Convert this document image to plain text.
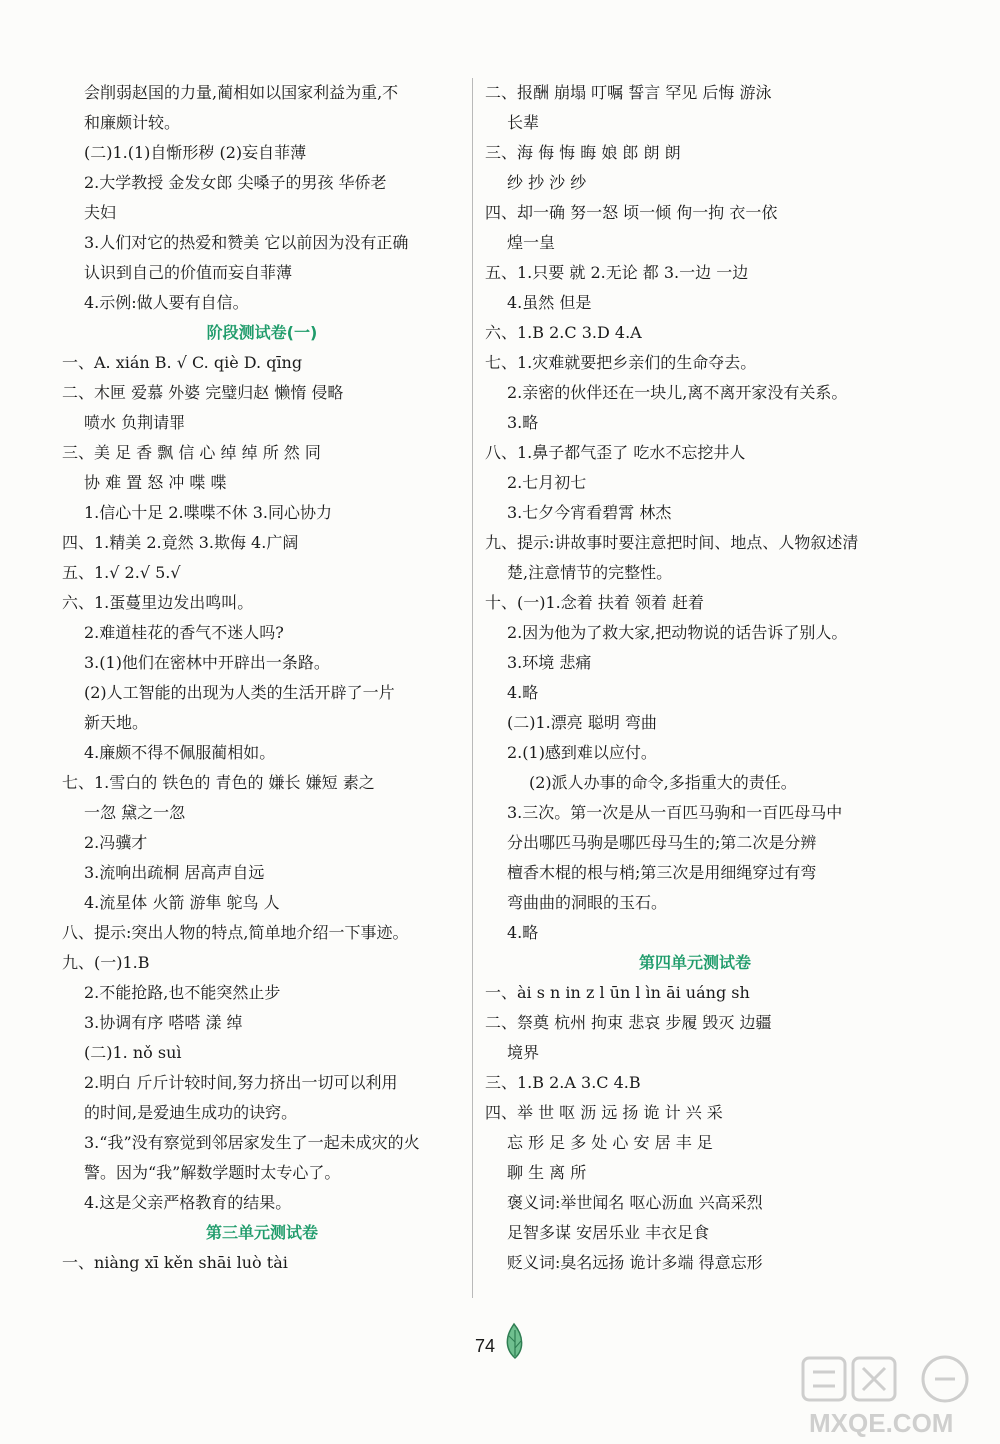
会削弱赵国的力量,蔺相如以国家利益为重,不
和廉颇计较。
(二)1.(1)自惭形秽 (2)妄自菲薄
2.大学教授 金发女郎 尖嗓子的男孩 华侨老
夫妇
3.人们对它的热爱和赞美 它以前因为没有正确
认识到自己的价值而妄自菲薄
4.示例:做人要有自信。
阶段测试卷(一)
一、A. xián B. √ C. qiè D. qīng
二、木匣 爱慕 外婆 完璧归赵 懒惰 侵略
喷水 负荆请罪
三、美 足 香 飘 信 心 绰 绰 所 然 同
协 难 置 怒 冲 喋 喋
1.信心十足 2.喋喋不休 3.同心协力
四、1.精美 2.竟然 3.欺侮 4.广阔
五、1.√ 2.√ 5.√
六、1.蛋蔓里边发出鸣叫。
2.难道桂花的香气不迷人吗?
3.(1)他们在密林中开辟出一条路。
(2)人工智能的出现为人类的生活开辟了一片
新天地。
4.廉颇不得不佩服蔺相如。
七、1.雪白的 铁色的 青色的 嫌长 嫌短 素之
一忽 黛之一忽
2.冯骥才
3.流响出疏桐 居高声自远
4.流星体 火箭 游隼 鸵鸟 人
八、提示:突出人物的特点,简单地介绍一下事迹。
九、(一)1.B
2.不能抢路,也不能突然止步
3.协调有序 嗒嗒 漾 绰
(二)1. nǒ suì
2.明白 斤斤计较时间,努力挤出一切可以利用
的时间,是爱迪生成功的诀窍。
3.“我”没有察觉到邻居家发生了一起未成灾的火
警。因为“我”解数学题时太专心了。
4.这是父亲严格教育的结果。
第三单元测试卷
一、niàng xī kěn shāi luò tài
二、报酬 崩塌 叮嘱 誓言 罕见 后悔 游泳
长辈
三、海 侮 悔 晦 娘 郎 朗 朗
纱 抄 沙 纱
四、却一确 努一怒 顷一倾 佝一拘 衣一依
煌一皇
五、1.只要 就 2.无论 都 3.一边 一边
4.虽然 但是
六、1.B 2.C 3.D 4.A
七、1.灾难就要把乡亲们的生命夺去。
2.亲密的伙伴还在一块儿,离不离开家没有关系。
3.略
八、1.鼻子都气歪了 吃水不忘挖井人
2.七月初七
3.七夕今宵看碧霄 林杰
九、提示:讲故事时要注意把时间、地点、人物叙述清
楚,注意情节的完整性。
十、(一)1.念着 扶着 领着 赶着
2.因为他为了救大家,把动物说的话告诉了别人。
3.环境 悲痛
4.略
(二)1.漂亮 聪明 弯曲
2.(1)感到难以应付。
(2)派人办事的命令,多指重大的责任。
3.三次。第一次是从一百匹马驹和一百匹母马中
分出哪匹马驹是哪匹母马生的;第二次是分辨
檀香木棍的根与梢;第三次是用细绳穿过有弯
弯曲曲的洞眼的玉石。
4.略
第四单元测试卷
一、ài s n in z l ūn l ìn āi uáng sh
二、祭奠 杭州 拘束 悲哀 步履 毁灭 边疆
境界
三、1.B 2.A 3.C 4.B
四、举 世 呕 沥 远 扬 诡 计 兴 采
忘 形 足 多 处 心 安 居 丰 足
聊 生 离 所
褒义词:举世闻名 呕心沥血 兴高采烈
足智多谋 安居乐业 丰衣足食
贬义词:臭名远扬 诡计多端 得意忘形
74
MXQE.COM
